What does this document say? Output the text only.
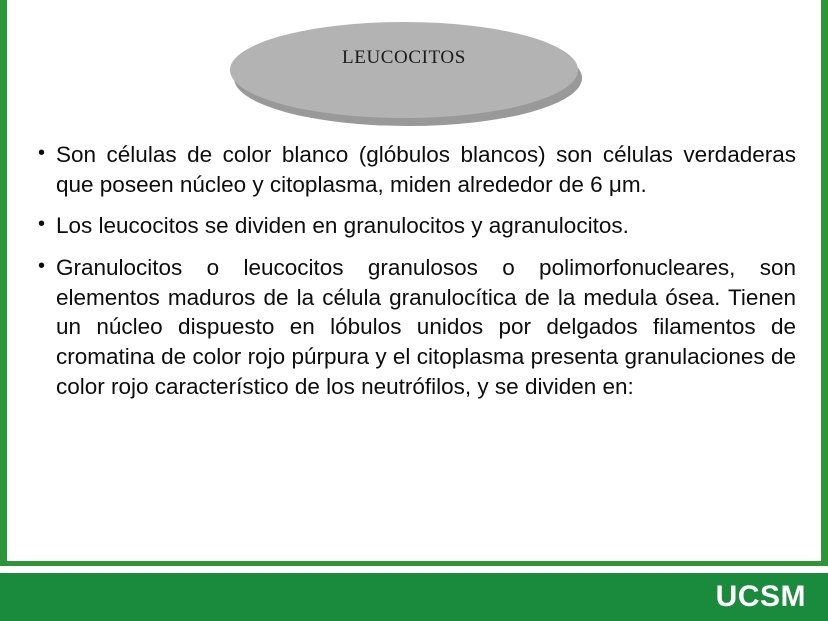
LEUCOCITOS
• Son células de color blanco (glóbulos blancos) son células verdaderas que poseen núcleo y citoplasma, miden alrededor de 6 μm.
• Los leucocitos se dividen en granulocitos y agranulocitos.
• Granulocitos o leucocitos granulosos o polimorfonucleares, son elementos maduros de la célula granulocítica de la medula ósea. Tienen un núcleo dispuesto en lóbulos unidos por delgados filamentos de cromatina de color rojo púrpura y el citoplasma presenta granulaciones de color rojo característico de los neutrófilos, y se dividen en:
UCSM
